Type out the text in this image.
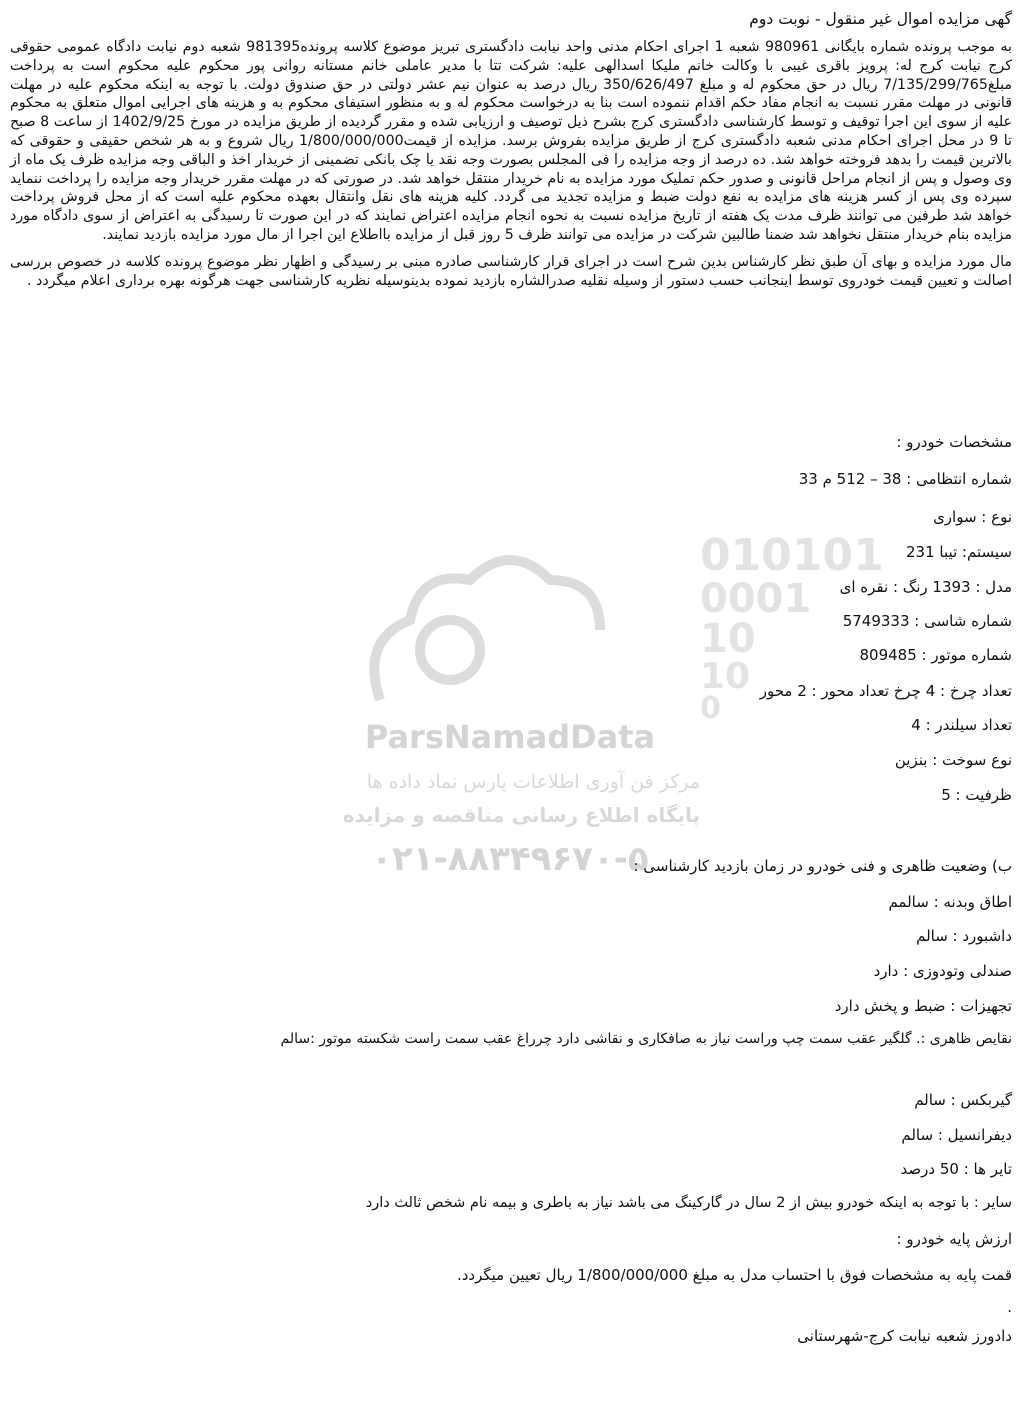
010101
0001
10
10
0
ParsNamadData
مرکز فن آوری اطلاعات پارس نماد داده ها
پایگاه اطلاع رسانی مناقصه و مزایده
۰۲۱-۸۸۳۴۹۶۷۰-۵
گهی مزایده اموال غیر منقول - نوبت دوم
به موجب پرونده شماره بایگانی 980961 شعبه 1 اجرای احکام مدنی واحد نیابت دادگستری تبریز موضوع کلاسه پرونده981395 شعبه دوم نیابت دادگاه عمومی حقوقی کرج نیابت کرج له: پرویز باقری غیبی با وکالت خانم ملیکا اسدالهی علیه: شرکت تتا با مدیر عاملی خانم مستانه روانی پور محکوم علیه محکوم است به پرداخت مبلغ7/135/299/765 ریال در حق محکوم له و مبلغ 350/626/497 ریال درصد به عنوان نیم عشر دولتی در حق صندوق دولت. با توجه به اینکه محکوم علیه در مهلت قانونی در مهلت مقرر نسبت به انجام مفاد حکم اقدام ننموده است بنا به درخواست محکوم له و به منظور استیفای محکوم به و هزینه های اجرایی اموال متعلق به محکوم علیه از سوی این اجرا توقیف و توسط کارشناسی دادگستری کرج بشرح ذیل توصیف و ارزیابی شده و مقرر گردیده از طریق مزایده در مورخ 1402/9/25 از ساعت 8 صبح تا 9 در محل اجرای احکام مدنی شعبه دادگستری کرج از طریق مزایده بفروش برسد. مزایده از قیمت1/800/000/000 ریال شروع و به هر شخص حقیقی و حقوقی که بالاترین قیمت را بدهد فروخته خواهد شد. ده درصد از وجه مزایده را فی المجلس بصورت وجه نقد یا چک بانکی تضمینی از خریدار اخذ و الباقی وجه مزایده ظرف یک ماه از وی وصول و پس از انجام مراحل قانونی و صدور حکم تملیک مورد مزایده به نام خریدار منتقل خواهد شد. در صورتی که در مهلت مقرر خریدار وجه مزایده را پرداخت ننماید سپرده وی پس از کسر هزینه های مزایده به نفع دولت ضبط و مزایده تجدید می گردد. کلیه هزینه های نقل وانتقال بعهده محکوم علیه است که از محل فروش پرداخت خواهد شد طرفین می توانند ظرف مدت یک هفته از تاریخ مزایده نسبت به نحوه انجام مزایده اعتراض نمایند که در این صورت تا رسیدگی به اعتراض از سوی دادگاه مورد مزایده بنام خریدار منتقل نخواهد شد ضمنا طالبین شرکت در مزایده می توانند ظرف 5 روز قبل از مزایده بااطلاع این اجرا از مال مورد مزایده بازدید نمایند.
مال مورد مزایده و بهای آن طبق نظر کارشناس بدین شرح است در اجرای قرار کارشناسی صادره مبنی بر رسیدگی و اظهار نظر موضوع پرونده کلاسه در خصوص بررسی اصالت و تعیین قیمت خودروی توسط اینجانب حسب دستور از وسیله نقلیه صدرالشاره بازدید نموده بدینوسیله نظریه کارشناسی جهت هرگونه بهره برداری اعلام میگردد .
مشخصات خودرو :
شماره انتظامی : 38 – 512 م 33
نوع : سواری
سیستم: تیبا 231
مدل : 1393 رنگ : نقره ای
شماره شاسی : 5749333
شماره موتور : 809485
تعداد چرخ : 4 چرخ تعداد محور : 2 محور
تعداد سیلندر : 4
نوع سوخت : بنزین
ظرفیت : 5
ب) وضعیت ظاهری و فنی خودرو در زمان بازدید کارشناسی :
اطاق وبدنه : سالمم
داشبورد : سالم
صندلی وتودوزی : دارد
تجهیزات : ضبط و پخش دارد
نقایص ظاهری :. گلگیر عقب سمت چپ وراست نیاز به صافکاری و نقاشی دارد چرراغ عقب سمت راست شکسته موتور :سالم
گیربکس : سالم
دیفرانسیل : سالم
تایر ها : 50 درصد
سایر : با توجه به اینکه خودرو بیش از 2 سال در گارکینگ می باشد نیاز به باطری و بیمه نام شخص ثالث دارد
ارزش پایه خودرو :
قمت پایه به مشخصات فوق با احتساب مدل به مبلغ 1/800/000/000 ریال تعیین میگردد.
.
دادورز شعبه نیابت کرج-شهرستانی
